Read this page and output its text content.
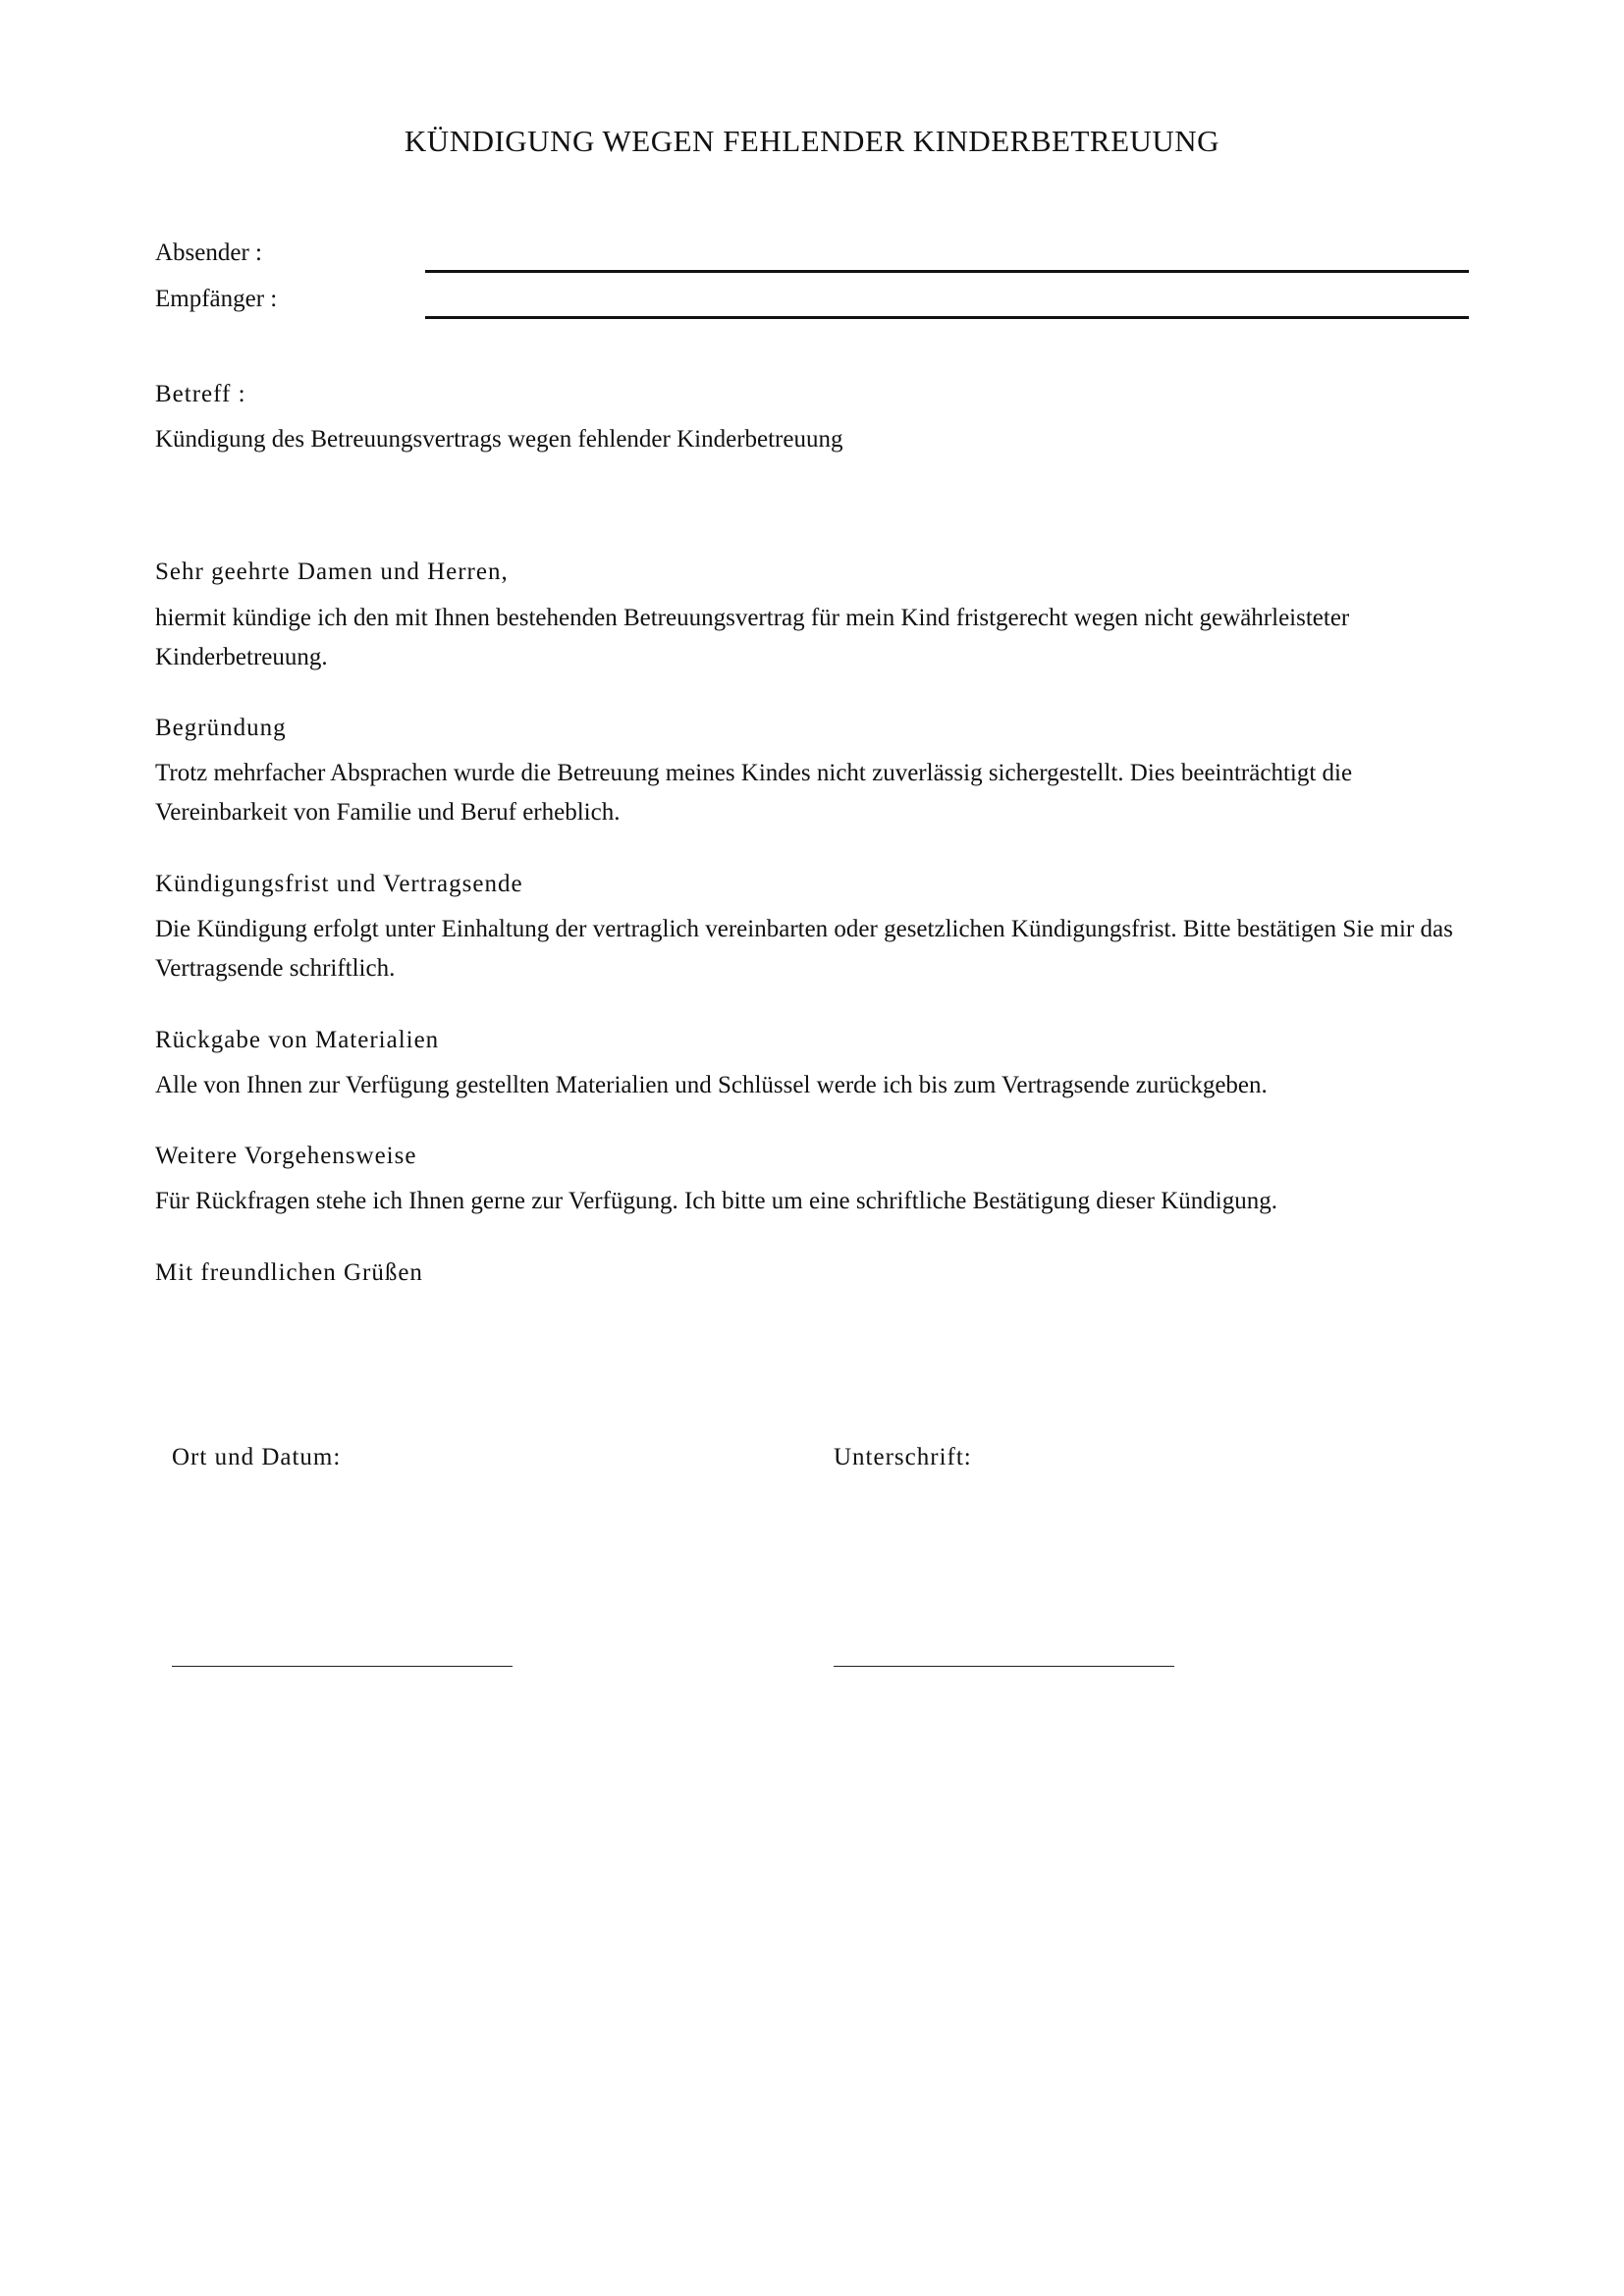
KÜNDIGUNG WEGEN FEHLENDER KINDERBETREUUNG
Absender :
Empfänger :
Betreff :
Kündigung des Betreuungsvertrags wegen fehlender Kinderbetreuung
Sehr geehrte Damen und Herren,
hiermit kündige ich den mit Ihnen bestehenden Betreuungsvertrag für mein Kind fristgerecht wegen nicht gewährleisteter Kinderbetreuung.
Begründung
Trotz mehrfacher Absprachen wurde die Betreuung meines Kindes nicht zuverlässig sichergestellt. Dies beeinträchtigt die Vereinbarkeit von Familie und Beruf erheblich.
Kündigungsfrist und Vertragsende
Die Kündigung erfolgt unter Einhaltung der vertraglich vereinbarten oder gesetzlichen Kündigungsfrist. Bitte bestätigen Sie mir das Vertragsende schriftlich.
Rückgabe von Materialien
Alle von Ihnen zur Verfügung gestellten Materialien und Schlüssel werde ich bis zum Vertragsende zurückgeben.
Weitere Vorgehensweise
Für Rückfragen stehe ich Ihnen gerne zur Verfügung. Ich bitte um eine schriftliche Bestätigung dieser Kündigung.
Mit freundlichen Grüßen
Ort und Datum:	Unterschrift:
